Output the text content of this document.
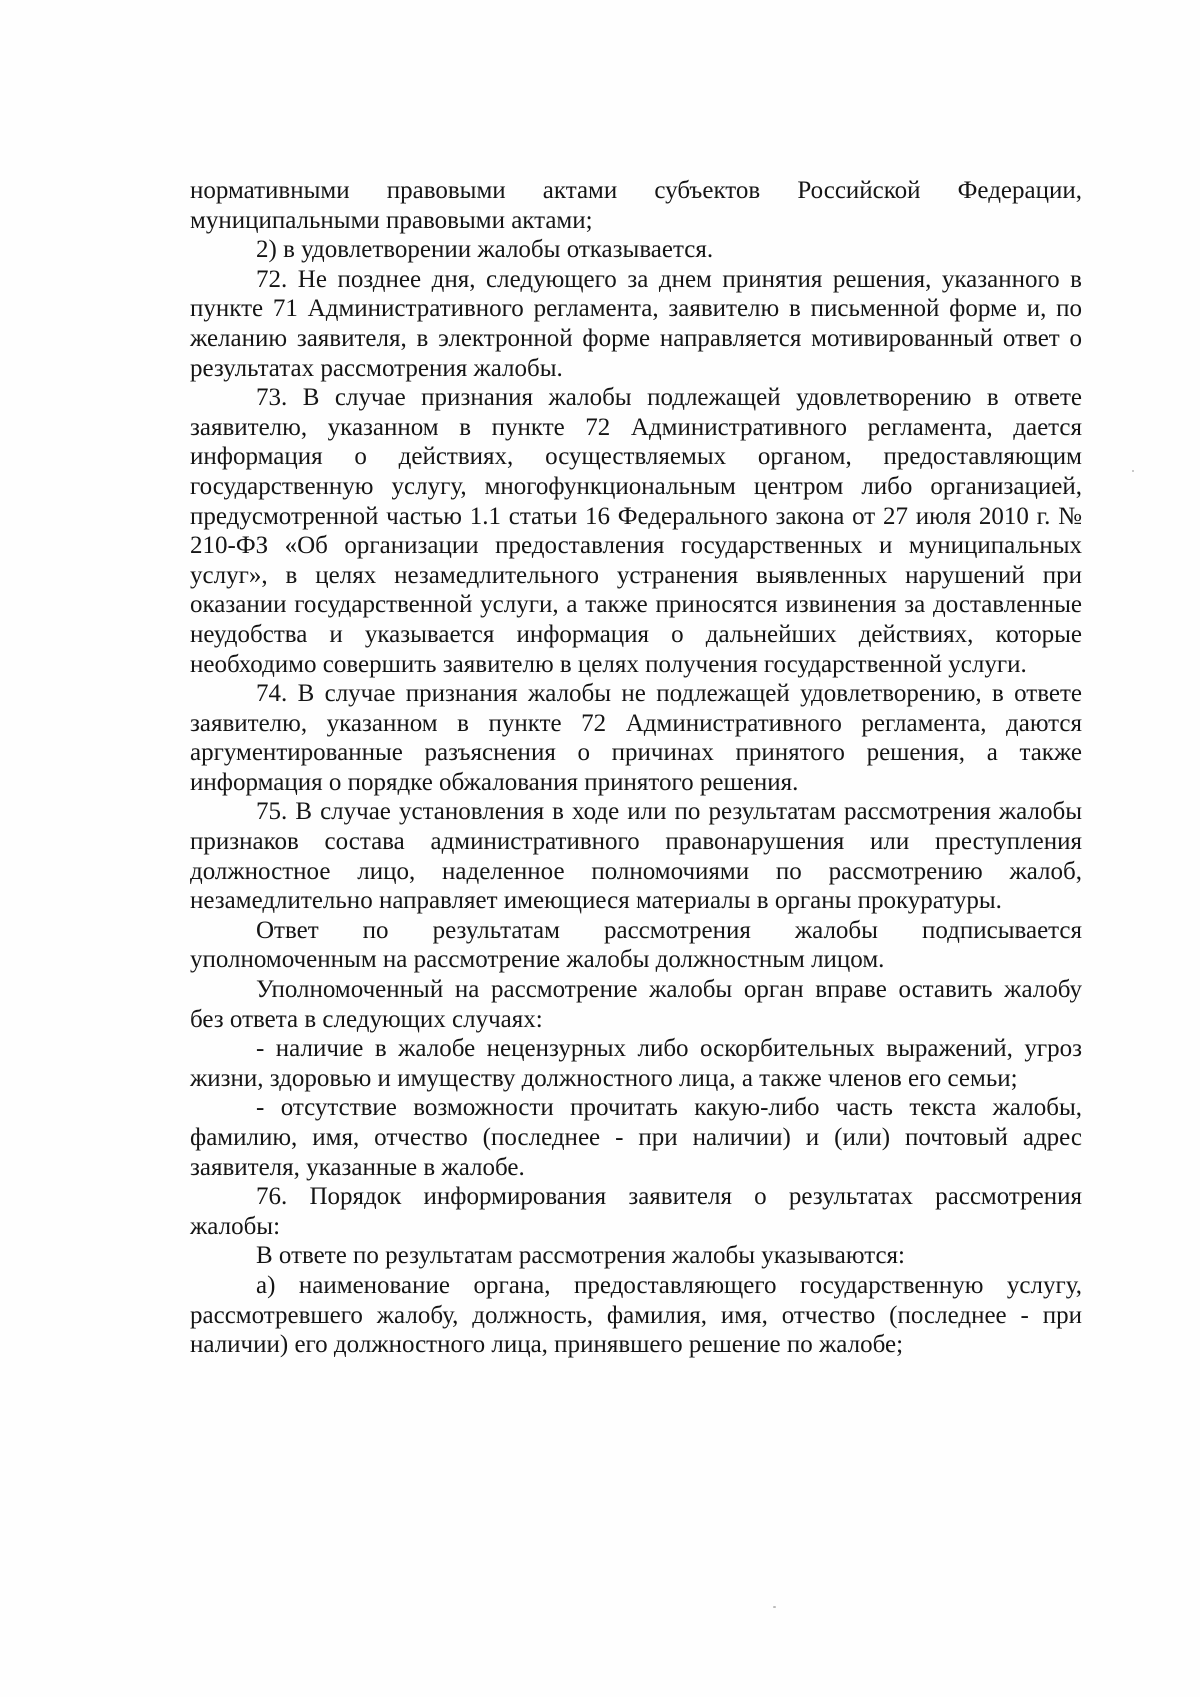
нормативными правовыми актами субъектов Российской Федерации, муниципальными правовыми актами;

2) в удовлетворении жалобы отказывается.

72. Не позднее дня, следующего за днем принятия решения, указанного в пункте 71 Административного регламента, заявителю в письменной форме и, по желанию заявителя, в электронной форме направляется мотивированный ответ о результатах рассмотрения жалобы.

73. В случае признания жалобы подлежащей удовлетворению в ответе заявителю, указанном в пункте 72 Административного регламента, дается информация о действиях, осуществляемых органом, предоставляющим государственную услугу, многофункциональным центром либо организацией, предусмотренной частью 1.1 статьи 16 Федерального закона от 27 июля 2010 г. № 210-ФЗ «Об организации предоставления государственных и муниципальных услуг», в целях незамедлительного устранения выявленных нарушений при оказании государственной услуги, а также приносятся извинения за доставленные неудобства и указывается информация о дальнейших действиях, которые необходимо совершить заявителю в целях получения государственной услуги.

74. В случае признания жалобы не подлежащей удовлетворению, в ответе заявителю, указанном в пункте 72 Административного регламента, даются аргументированные разъяснения о причинах принятого решения, а также информация о порядке обжалования принятого решения.

75. В случае установления в ходе или по результатам рассмотрения жалобы признаков состава административного правонарушения или преступления должностное лицо, наделенное полномочиями по рассмотрению жалоб, незамедлительно направляет имеющиеся материалы в органы прокуратуры.

Ответ по результатам рассмотрения жалобы подписывается уполномоченным на рассмотрение жалобы должностным лицом.

Уполномоченный на рассмотрение жалобы орган вправе оставить жалобу без ответа в следующих случаях:

- наличие в жалобе нецензурных либо оскорбительных выражений, угроз жизни, здоровью и имуществу должностного лица, а также членов его семьи;

- отсутствие возможности прочитать какую-либо часть текста жалобы, фамилию, имя, отчество (последнее - при наличии) и (или) почтовый адрес заявителя, указанные в жалобе.

76. Порядок информирования заявителя о результатах рассмотрения жалобы:

В ответе по результатам рассмотрения жалобы указываются:

а) наименование органа, предоставляющего государственную услугу, рассмотревшего жалобу, должность, фамилия, имя, отчество (последнее - при наличии) его должностного лица, принявшего решение по жалобе;
